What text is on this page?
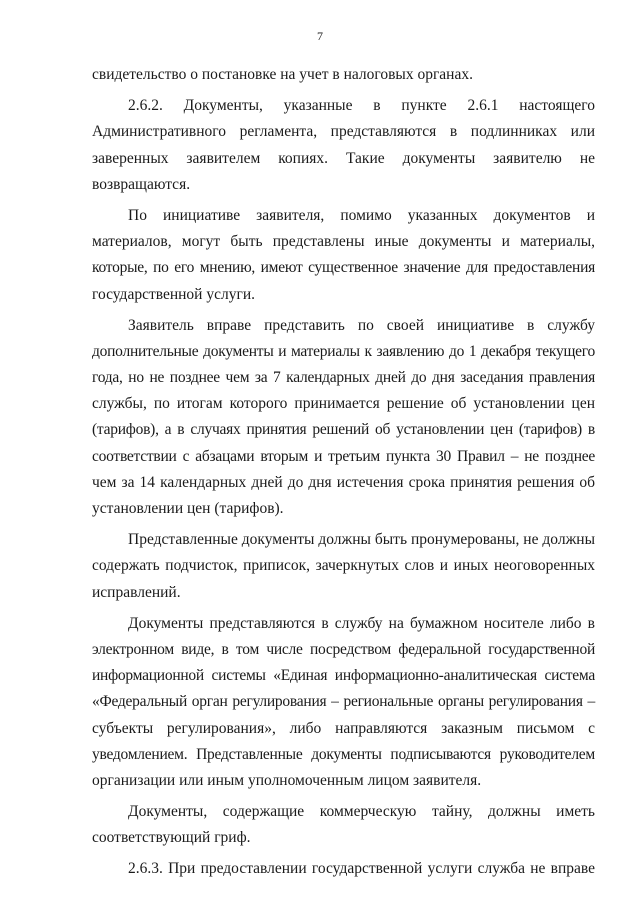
7
свидетельство о постановке на учет в налоговых органах.
2.6.2. Документы, указанные в пункте 2.6.1 настоящего
Административного регламента, представляются в подлинниках или
заверенных заявителем копиях. Такие документы заявителю не
возвращаются.
По инициативе заявителя, помимо указанных документов и
материалов, могут быть представлены иные документы и материалы,
которые, по его мнению, имеют существенное значение для предоставления
государственной услуги.
Заявитель вправе представить по своей инициативе в службу
дополнительные документы и материалы к заявлению до 1 декабря текущего
года, но не позднее чем за 7 календарных дней до дня заседания правления
службы, по итогам которого принимается решение об установлении цен
(тарифов), а в случаях принятия решений об установлении цен (тарифов) в
соответствии с абзацами вторым и третьим пункта 30 Правил – не позднее
чем за 14 календарных дней до дня истечения срока принятия решения об
установлении цен (тарифов).
Представленные документы должны быть пронумерованы, не должны
содержать подчисток, приписок, зачеркнутых слов и иных неоговоренных
исправлений.
Документы представляются в службу на бумажном носителе либо в
электронном виде, в том числе посредством федеральной государственной
информационной системы «Единая информационно-аналитическая система
«Федеральный орган регулирования – региональные органы регулирования –
субъекты регулирования», либо направляются заказным письмом с
уведомлением. Представленные документы подписываются руководителем
организации или иным уполномоченным лицом заявителя.
Документы, содержащие коммерческую тайну, должны иметь
соответствующий гриф.
2.6.3. При предоставлении государственной услуги служба не вправе
